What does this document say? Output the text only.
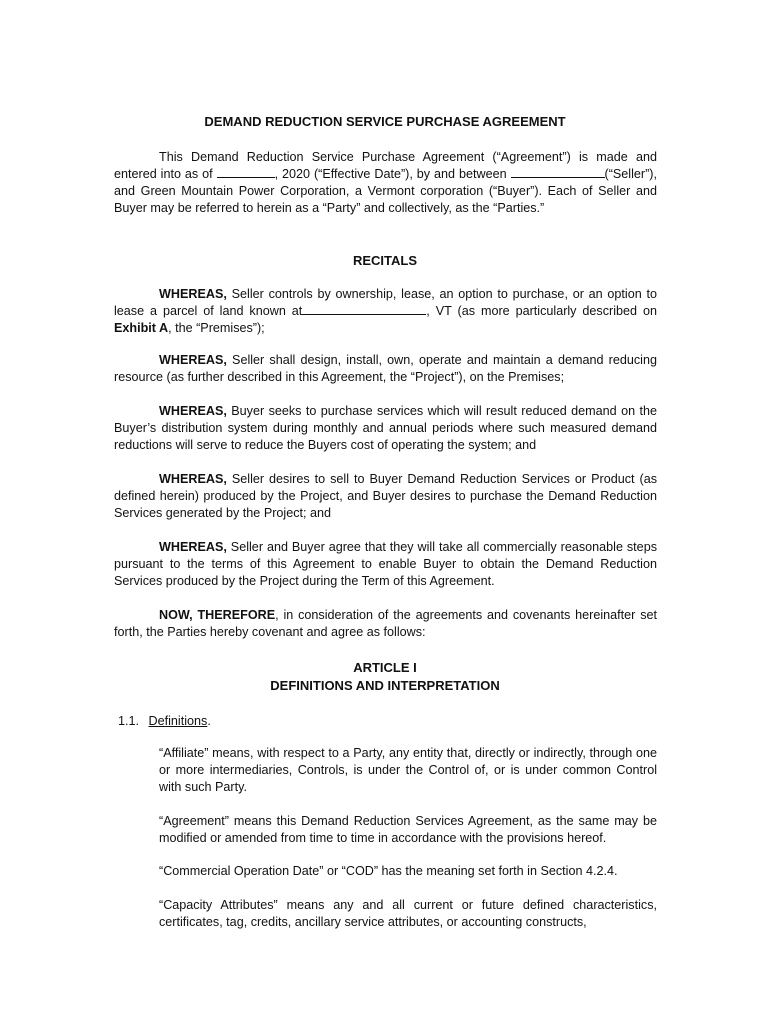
DEMAND REDUCTION SERVICE PURCHASE AGREEMENT

This Demand Reduction Service Purchase Agreement (“Agreement”) is made and entered into as of	, 2020 (“Effective Date”), by and between	(“Seller”), and Green Mountain Power Corporation, a Vermont corporation (“Buyer”). Each of Seller and Buyer may be referred to herein as a “Party” and collectively, as the “Parties.”

RECITALS

WHEREAS, Seller controls by ownership, lease, an option to purchase, or an option to lease a parcel of land known at	, VT (as more particularly described on Exhibit A, the “Premises”);

WHEREAS, Seller shall design, install, own, operate and maintain a demand reducing resource (as further described in this Agreement, the “Project”), on the Premises;

WHEREAS, Buyer seeks to purchase services which will result reduced demand on the Buyer’s distribution system during monthly and annual periods where such measured demand reductions will serve to reduce the Buyers cost of operating the system; and

WHEREAS, Seller desires to sell to Buyer Demand Reduction Services or Product (as defined herein) produced by the Project, and Buyer desires to purchase the Demand Reduction Services generated by the Project; and

WHEREAS, Seller and Buyer agree that they will take all commercially reasonable steps pursuant to the terms of this Agreement to enable Buyer to obtain the Demand Reduction Services produced by the Project during the Term of this Agreement.

NOW, THEREFORE, in consideration of the agreements and covenants hereinafter set forth, the Parties hereby covenant and agree as follows:

ARTICLE I
DEFINITIONS AND INTERPRETATION
1.1. Definitions.

“Affiliate” means, with respect to a Party, any entity that, directly or indirectly, through one or more intermediaries, Controls, is under the Control of, or is under common Control with such Party.

“Agreement” means this Demand Reduction Services Agreement, as the same may be modified or amended from time to time in accordance with the provisions hereof.

“Commercial Operation Date” or “COD” has the meaning set forth in Section 4.2.4.

“Capacity Attributes” means any and all current or future defined characteristics, certificates, tag, credits, ancillary service attributes, or accounting constructs,
